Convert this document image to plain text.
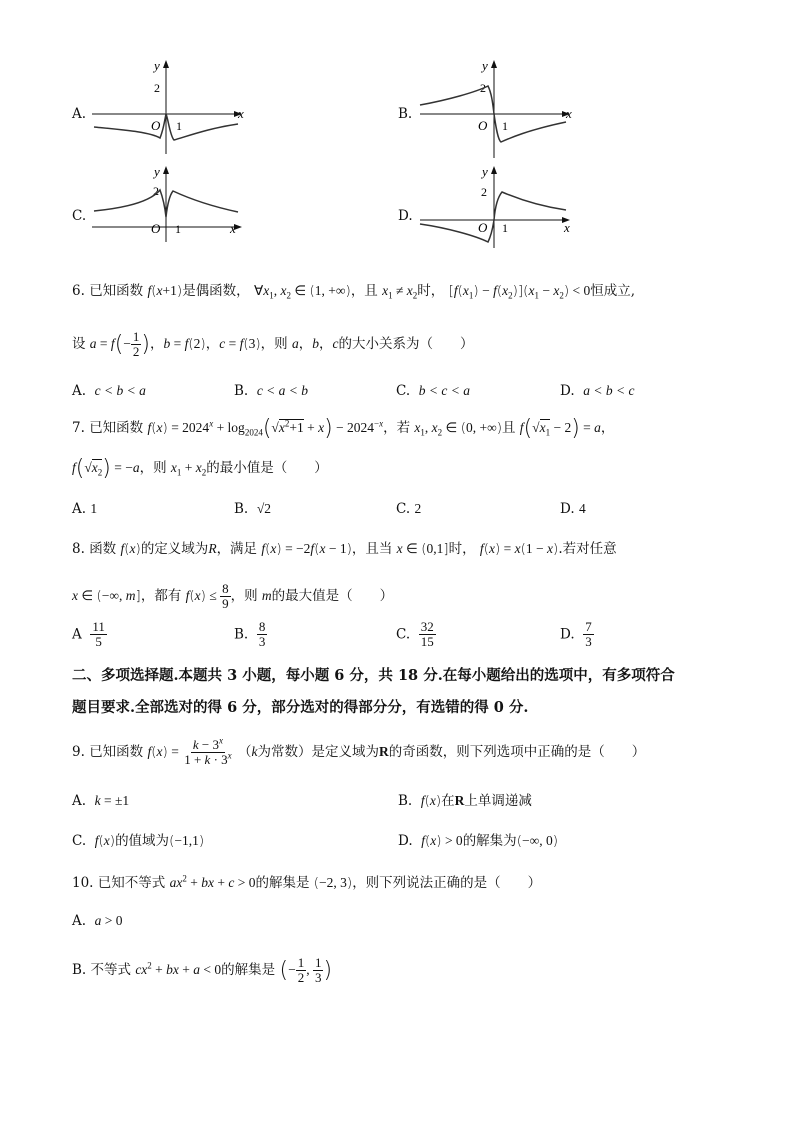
A.
y
x
O 1
2
B.
y
x
O 1
2
C.
y
x
O 1
2
D.
y
x
O 1
2
6. 已知函数 f(x+1)是偶函数， $\forall x_1$, $x_2$ ∈ (1, +∞)，且 $x_1 \ne x_2$时， $[f(x_1) - f(x_2)](x_1 - x_2) < 0$恒成立,
设 $a = f(- \frac{1}{2}$ )，b = f(2)，c = f(3)，则 a，b，c的大小关系为（　　）
A. c < b < a	B. c < a < b	C. b < c < a	D. a < b < c
7. 已知函数 $f(x) = 2024^x + \log_{2024}(√x^2+1 + x) - 2024^{-x}$，若 $x_1$, $x_2$ ∈ (0, +∞)且 $f(√x_1 - 2) = a$，
$f(√x_2) = -a$，则 $x_1 + x_2$的最小值是（　　）
A. 1	B. √2	C. 2	D. 4
8. 函数 f(x)的定义域为R，满足 f(x) = −2f(x − 1)，且当 x ∈ (0,1]时， f(x) = x(1 − x).若对任意
x ∈ (−∞, m]，都有 $f(x) \le \frac{8}{9}$ ，则 m的最大值是（　　）
A $\frac{11}{5}$	B. $\frac{8}{3}$	C. $\frac{32}{15}$	D. $\frac{7}{3}$
二、多项选择题.本题共 3 小题，每小题 6 分，共 18 分.在每小题给出的选项中，有多项符合
题目要求.全部选对的得 6 分，部分选对的得部分分，有选错的得 0 分.
9. 已知函数 $f(x) = \frac{k - 3^x}{1 + k \cdot 3^x} (k$为常数）是定义域为R的奇函数，则下列选项中正确的是（　　）
A. k = ±1	B. f(x)在R上单调递减
C. f(x)的值域为(−1,1)	D. f(x) > 0的解集为(−∞, 0)
10. 已知不等式 $ax^2$ + bx + c > 0的解集是 (−2, 3)，则下列说法正确的是（　　）
A. a > 0
B. 不等式 $cx^2$ + bx + a < 0的解集是 (− $\frac{1}{2}$ , $\frac{1}{3}$ )
